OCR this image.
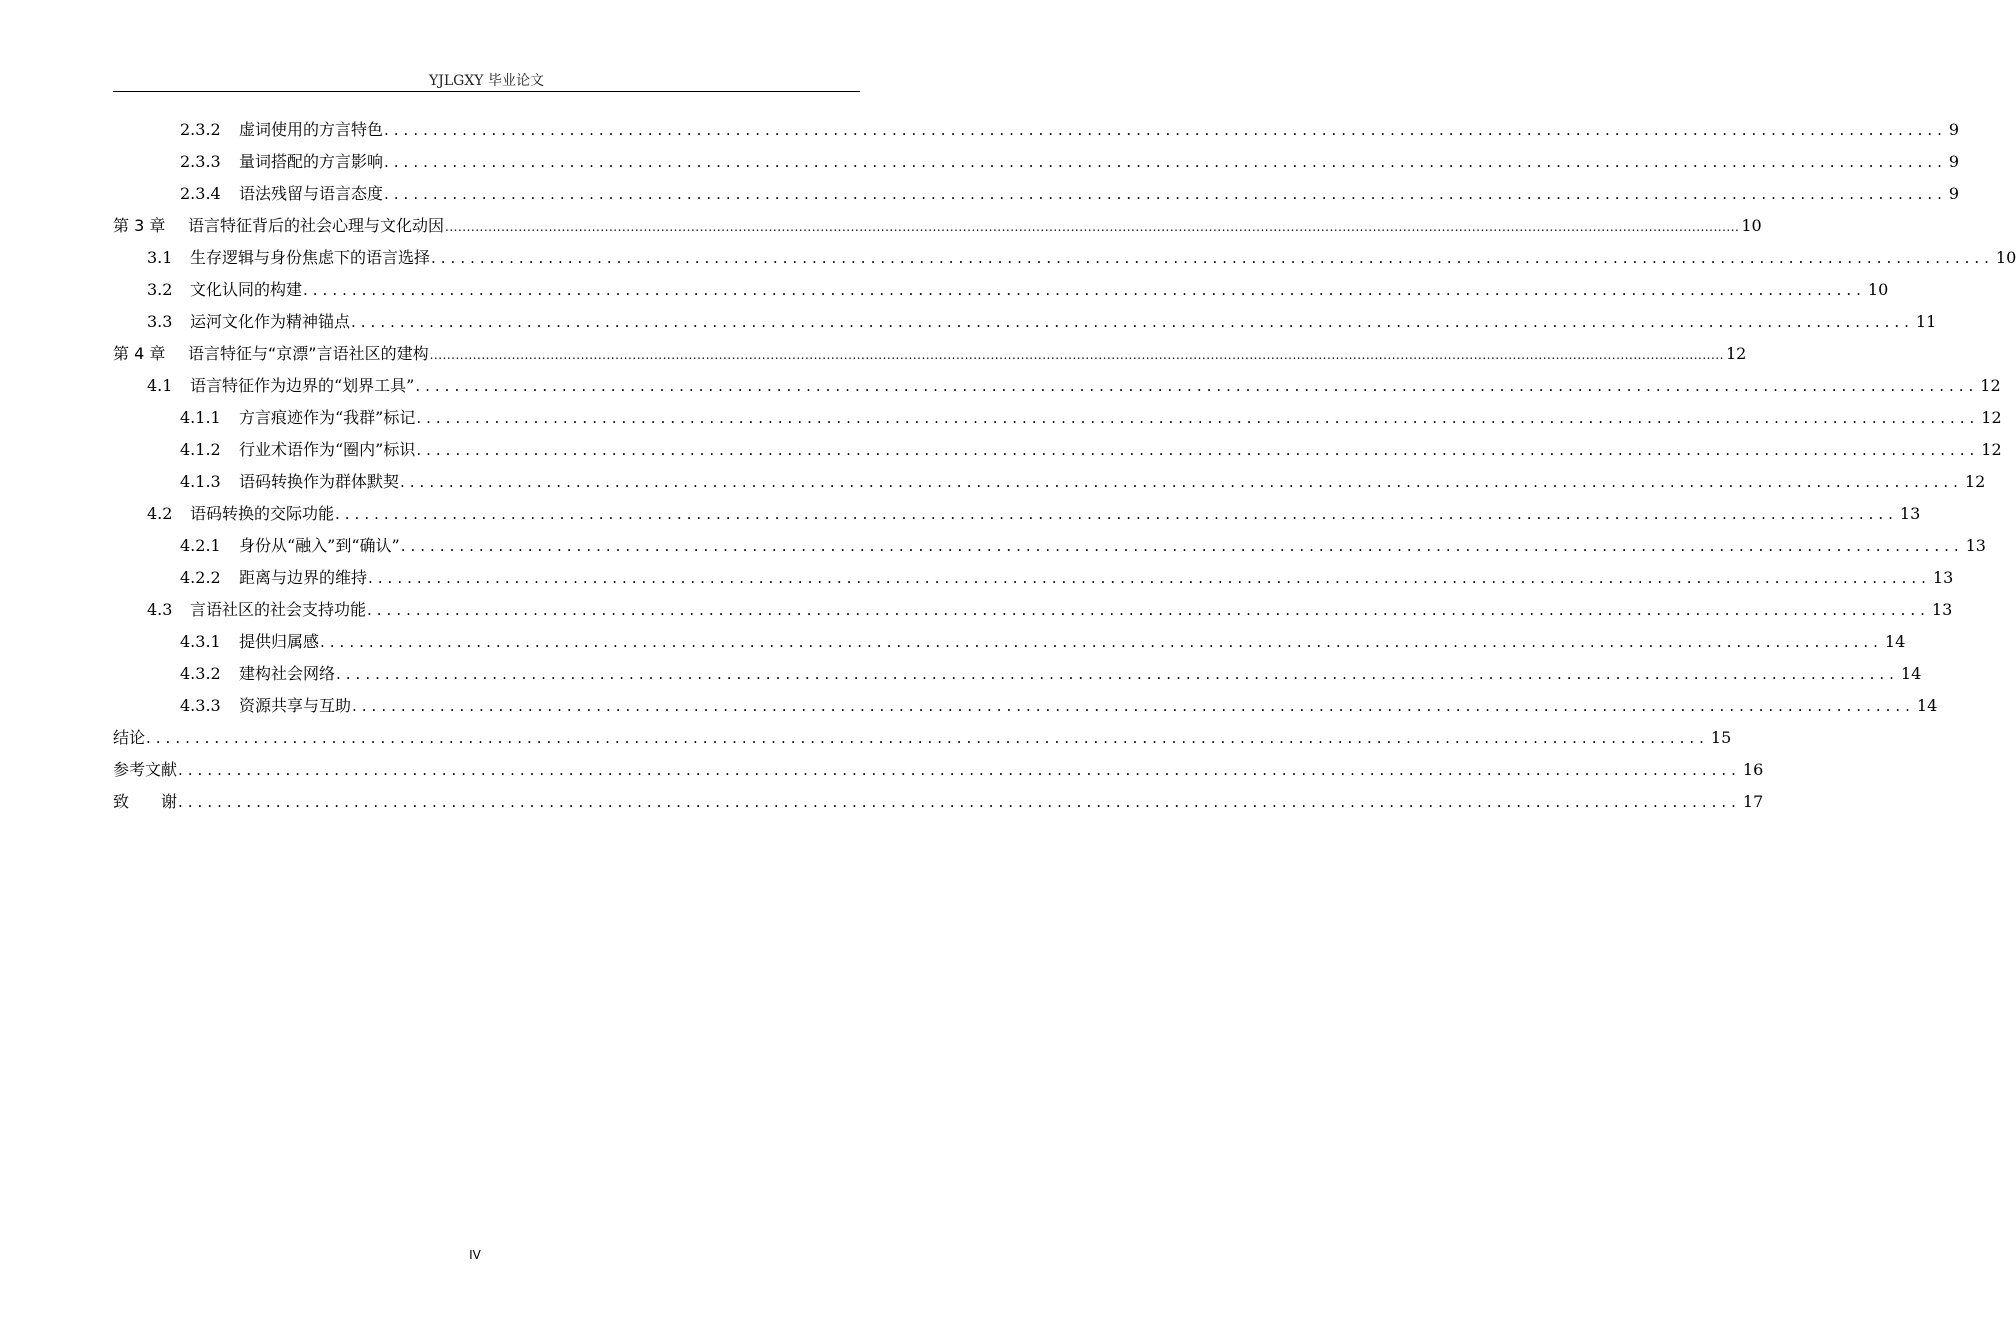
YJLGXY 毕业论文
2.3.2	虚词使用的方言特色 ................................................................................................................................................................ 9
2.3.3	量词搭配的方言影响 ................................................................................................................................................................ 9
2.3.4	语法残留与语言态度 ................................................................................................................................................................ 9
第 3 章	语言特征背后的社会心理与文化动因 ............................................................................................................................................................................................................................................................................................................ 10
3.1	生存逻辑与身份焦虑下的语言选择 ................................................................................................................................................................ 10
3.2	文化认同的构建 ................................................................................................................................................................ 10
3.3	运河文化作为精神锚点 ................................................................................................................................................................ 11
第 4 章	语言特征与“京漂”言语社区的建构 ............................................................................................................................................................................................................................................................................................................ 12
4.1	语言特征作为边界的“划界工具” ................................................................................................................................................................ 12
4.1.1	方言痕迹作为“我群”标记 ................................................................................................................................................................ 12
4.1.2	行业术语作为“圈内”标识 ................................................................................................................................................................ 12
4.1.3	语码转换作为群体默契 ................................................................................................................................................................ 12
4.2	语码转换的交际功能 ................................................................................................................................................................ 13
4.2.1	身份从“融入”到“确认” ................................................................................................................................................................ 13
4.2.2	距离与边界的维持 ................................................................................................................................................................ 13
4.3	言语社区的社会支持功能 ................................................................................................................................................................ 13
4.3.1	提供归属感 ................................................................................................................................................................ 14
4.3.2	建构社会网络 ................................................................................................................................................................ 14
4.3.3	资源共享与互助 ................................................................................................................................................................ 14
结论 ................................................................................................................................................................ 15
参考文献 ................................................................................................................................................................ 16
致　　谢 ................................................................................................................................................................ 17
IV
